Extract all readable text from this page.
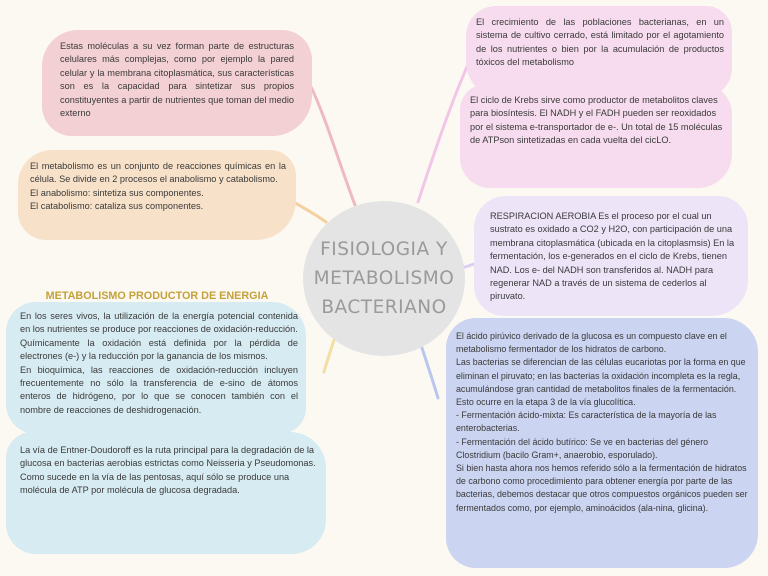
Estas moléculas a su vez forman parte de estructuras celulares más complejas, como por ejemplo la pared celular y la membrana citoplasmática, sus características son es la capacidad para sintetizar sus propios constituyentes a partir de nutrientes que toman del medio externo

El metabolismo es un conjunto de reacciones químicas en la célula. Se divide en 2 procesos el anabolismo y catabolismo.

El anabolismo: sintetiza sus componentes.

El catabolismo: cataliza sus componentes.

METABOLISMO PRODUCTOR DE ENERGIA

En los seres vivos, la utilización de la energía potencial contenida en los nutrientes se produce por reacciones de oxidación-reducción.

Químicamente la oxidación está definida por la pérdida de electrones (e-) y la reducción por la ganancia de los mismos.

En bioquímica, las reacciones de oxidación-reducción incluyen frecuentemente no sólo la transferencia de e-sino de átomos enteros de hidrógeno, por lo que se conocen también con el nombre de reacciones de deshidrogenación.

La vía de Entner-Doudoroff es la ruta principal para la degradación de la glucosa en bacterias aerobias estrictas como Neisseria y Pseudomonas.

Como sucede en la vía de las pentosas, aquí sólo se produce una molécula de ATP por molécula de glucosa degradada.

FISIOLOGIA Y METABOLISMO BACTERIANO

El crecimiento de las poblaciones bacterianas, en un sistema de cultivo cerrado, está limitado por el agotamiento de los nutrientes o bien por la acumulación de productos tóxicos del metabolismo

El ciclo de Krebs sirve como productor de metabolitos claves para biosíntesis. El NADH y el FADH pueden ser reoxidados por el sistema e-transportador de e-. Un total de 15 moléculas de ATPson sintetizadas en cada vuelta del cicLO.

RESPIRACION AEROBIA Es el proceso por el cual un sustrato es oxidado a CO2 y H2O, con participación de una membrana citoplasmática (ubicada en la citoplasmsis) En la fermentación, los e-generados en el ciclo de Krebs, tienen NAD. Los e- del NADH son transferidos al. NADH para regenerar NAD a través de un sistema de cederlos al piruvato.

El ácido pirúvico derivado de la glucosa es un compuesto clave en el metabolismo fermentador de los hidratos de carbono.

Las bacterias se diferencian de las células eucariotas por la forma en que eliminan el piruvato; en las bacterias la oxidación incompleta es la regla, acumulándose gran cantidad de metabolitos finales de la fermentación.

Esto ocurre en la etapa 3 de la vía glucolítica.

- Fermentación ácido-mixta: Es característica de la mayoría de las enterobacterias.

- Fermentación del ácido butírico: Se ve en bacterias del género Clostridium (bacilo Gram+, anaerobio, esporulado).

Si bien hasta ahora nos hemos referido sólo a la fermentación de hidratos de carbono como procedimiento para obtener energía por parte de las bacterias, debemos destacar que otros compuestos orgánicos pueden ser fermentados como, por ejemplo, aminoácidos (ala-nina, glicina).
